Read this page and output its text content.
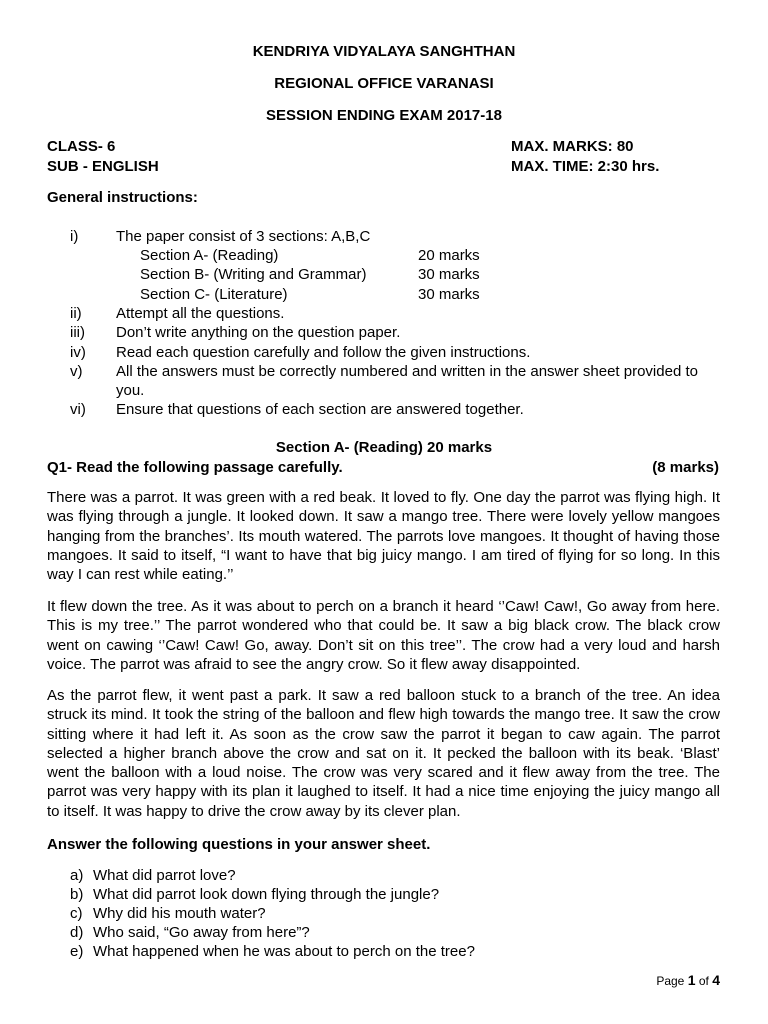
KENDRIYA VIDYALAYA SANGHTHAN
REGIONAL OFFICE VARANASI
SESSION ENDING EXAM 2017-18
CLASS- 6
SUB - ENGLISH
MAX. MARKS: 80
MAX. TIME: 2:30 hrs.
General instructions:
i)	The paper consist of 3 sections: A,B,C
Section A- (Reading)	20 marks
Section B- (Writing and Grammar)	30 marks
Section C- (Literature)	30 marks
ii) Attempt all the questions.
iii) Don’t write anything on the question paper.
iv) Read each question carefully and follow the given instructions.
v) All the answers must be correctly numbered and written in the answer sheet provided to you.
vi) Ensure that questions of each section are answered together.
Section A- (Reading) 20 marks
Q1- Read the following passage carefully.	(8 marks)
There was a parrot. It was green with a red beak. It loved to fly. One day the parrot was flying high. It was flying through a jungle. It looked down. It saw a mango tree. There were lovely yellow mangoes hanging from the branches’. Its mouth watered. The parrots love mangoes. It thought of having those mangoes. It said to itself, “I want to have that big juicy mango. I am tired of flying for so long. In this way I can rest while eating.’’
It flew down the tree. As it was about to perch on a branch it heard ‘’Caw! Caw!, Go away from here. This is my tree.’’ The parrot wondered who that could be. It saw a big black crow. The black crow went on cawing ‘’Caw! Caw! Go, away. Don’t sit on this tree’’. The crow had a very loud and harsh voice. The parrot was afraid to see the angry crow. So it flew away disappointed.
As the parrot flew, it went past a park. It saw a red balloon stuck to a branch of the tree. An idea struck its mind. It took the string of the balloon and flew high towards the mango tree. It saw the crow sitting where it had left it. As soon as the crow saw the parrot it began to caw again. The parrot selected a higher branch above the crow and sat on it. It pecked the balloon with its beak. ‘Blast’ went the balloon with a loud noise. The crow was very scared and it flew away from the tree. The parrot was very happy with its plan it laughed to itself. It had a nice time enjoying the juicy mango all to itself. It was happy to drive the crow away by its clever plan.
Answer the following questions in your answer sheet.
a) What did parrot love?
b) What did parrot look down flying through the jungle?
c) Why did his mouth water?
d) Who said, “Go away from here”?
e) What happened when he was about to perch on the tree?
Page 1 of 4
